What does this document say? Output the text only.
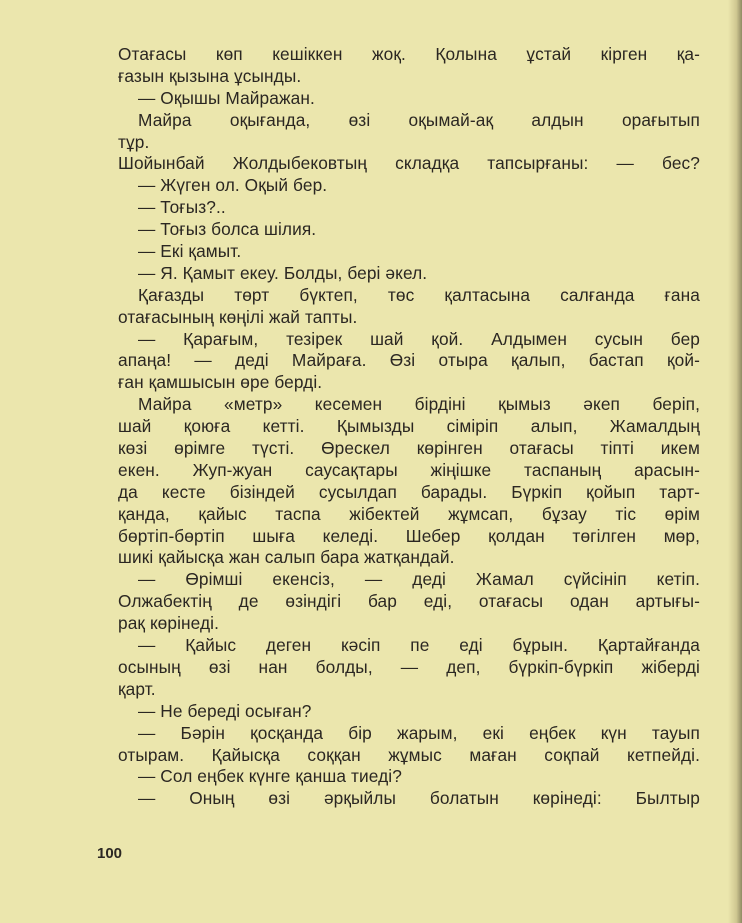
Отағасы көп кешіккен жоқ. Қолына ұстай кірген қа-
ғазын қызына ұсынды.
— Оқышы Майражан.
Майра оқығанда, өзі оқымай-ақ алдын орағытып
тұр.
Шойынбай Жолдыбековтың складқа тапсырғаны: — бес?
— Жүген ол. Оқый бер.
— Тоғыз?..
— Тоғыз болса шілия.
— Екі қамыт.
— Я. Қамыт екеу. Болды, бері әкел.
Қағазды төрт бүктеп, төс қалтасына салғанда ғана
отағасының көңілі жай тапты.
— Қарағым, тезірек шай қой. Алдымен сусын бер
апаңа! — деді Майраға. Өзі отыра қалып, бастап қой-
ған қамшысын өре берді.
Майра «метр» кесемен бірдіні қымыз әкеп беріп,
шай қоюға кетті. Қымызды сіміріп алып, Жамалдың
көзі өрімге түсті. Өрескел көрінген отағасы тіпті икем
екен. Жуп-жуан саусақтары жіңішке таспаның арасын-
да кесте бізіндей сусылдап барады. Бүркіп қойып тарт-
қанда, қайыс таспа жібектей жұмсап, бұзау тіс өрім
бөртіп-бөртіп шыға келеді. Шебер қолдан төгілген мөр,
шикі қайысқа жан салып бара жатқандай.
— Өрімші екенсіз, — деді Жамал сүйсініп кетіп.
Олжабектің де өзіндігі бар еді, отағасы одан артығы-
рақ көрінеді.
— Қайыс деген кәсіп пе еді бұрын. Қартайғанда
осының өзі нан болды, — деп, бүркіп-бүркіп жіберді
қарт.
— Не береді осыған?
— Бәрін қосқанда бір жарым, екі еңбек күн тауып
отырам. Қайысқа соққан жұмыс маған соқпай кетпейді.
— Сол еңбек күнге қанша тиеді?
— Оның өзі әрқыйлы болатын көрінеді: Былтыр
100
